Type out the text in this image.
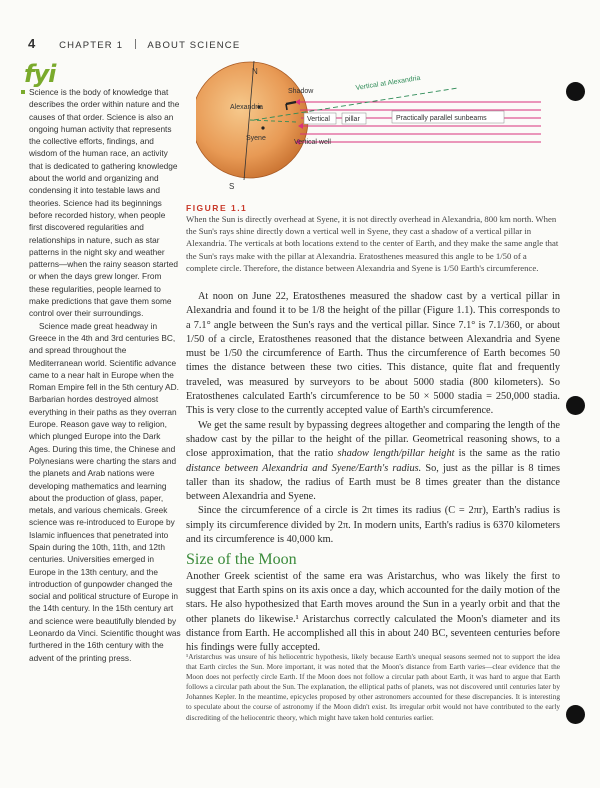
4	CHAPTER 1	ABOUT SCIENCE
fyi

Science is the body of knowledge that describes the order within nature and the causes of that order. Science is also an ongoing human activity that represents the collective efforts, findings, and wisdom of the human race, an activity that is dedicated to gathering knowledge about the world and organizing and condensing it into testable laws and theories. Science had its beginnings before recorded history, when people first discovered regularities and relationships in nature, such as star patterns in the night sky and weather patterns—when the rainy season started or when the days grew longer. From these regularities, people learned to make predictions that gave them some control over their surroundings.

Science made great headway in Greece in the 4th and 3rd centuries BC, and spread throughout the Mediterranean world. Scientific advance came to a near halt in Europe when the Roman Empire fell in the 5th century AD. Barbarian hordes destroyed almost everything in their paths as they overran Europe. Reason gave way to religion, which plunged Europe into the Dark Ages. During this time, the Chinese and Polynesians were charting the stars and the planets and Arab nations were developing mathematics and learning about the production of glass, paper, metals, and various chemicals. Greek science was re-introduced to Europe by Islamic influences that penetrated into Spain during the 10th, 11th, and 12th centuries. Universities emerged in Europe in the 13th century, and the introduction of gunpowder changed the social and political structure of Europe in the 14th century. In the 15th century art and science were beautifully blended by Leonardo da Vinci. Scientific thought was furthered in the 16th century with the advent of the printing press.

N
S
Shadow	Vertical at Alexandria
Alexandria
Syene
Vertical pillar	Practically parallel sunbeams
Vertical well
FIGURE 1.1
When the Sun is directly overhead at Syene, it is not directly overhead in Alexandria, 800 km north. When the Sun's rays shine directly down a vertical well in Syene, they cast a shadow of a vertical pillar in Alexandria. The verticals at both locations extend to the center of Earth, and they make the same angle that the Sun's rays make with the pillar at Alexandria. Eratosthenes measured this angle to be 1/50 of a complete circle. Therefore, the distance between Alexandria and Syene is 1/50 Earth's circumference.

At noon on June 22, Eratosthenes measured the shadow cast by a vertical pillar in Alexandria and found it to be 1/8 the height of the pillar (Figure 1.1). This corresponds to a 7.1° angle between the Sun's rays and the vertical pillar. Since 7.1° is 7.1/360, or about 1/50 of a circle, Eratosthenes reasoned that the distance between Alexandria and Syene must be 1/50 the circumference of Earth. Thus the circumference of Earth becomes 50 times the distance between these two cities. This distance, quite flat and frequently traveled, was measured by surveyors to be about 5000 stadia (800 kilometers). So Eratosthenes calculated Earth's circumference to be 50 × 5000 stadia = 250,000 stadia. This is very close to the currently accepted value of Earth's circumference.

We get the same result by bypassing degrees altogether and comparing the length of the shadow cast by the pillar to the height of the pillar. Geometrical reasoning shows, to a close approximation, that the ratio shadow length/pillar height is the same as the ratio distance between Alexandria and Syene/Earth's radius. So, just as the pillar is 8 times taller than its shadow, the radius of Earth must be 8 times greater than the distance between Alexandria and Syene.

Since the circumference of a circle is 2π times its radius (C = 2πr), Earth's radius is simply its circumference divided by 2π. In modern units, Earth's radius is 6370 kilometers and its circumference is 40,000 km.

Size of the Moon

Another Greek scientist of the same era was Aristarchus, who was likely the first to suggest that Earth spins on its axis once a day, which accounted for the daily motion of the stars. He also hypothesized that Earth moves around the Sun in a yearly orbit and that the other planets do likewise.¹ Aristarchus correctly calculated the Moon's diameter and its distance from Earth. He accomplished all this in about 240 BC, seventeen centuries before his findings were fully accepted.

¹Aristarchus was unsure of his heliocentric hypothesis, likely because Earth's unequal seasons seemed not to support the idea that Earth circles the Sun. More important, it was noted that the Moon's distance from Earth varies—clear evidence that the Moon does not perfectly circle Earth. If the Moon does not follow a circular path about Earth, it was hard to argue that Earth follows a circular path about the Sun. The explanation, the elliptical paths of planets, was not discovered until centuries later by Johannes Kepler. In the meantime, epicycles proposed by other astronomers accounted for these discrepancies. It is interesting to speculate about the course of astronomy if the Moon didn't exist. Its irregular orbit would not have contributed to the early discrediting of the heliocentric theory, which might have taken hold centuries earlier.
